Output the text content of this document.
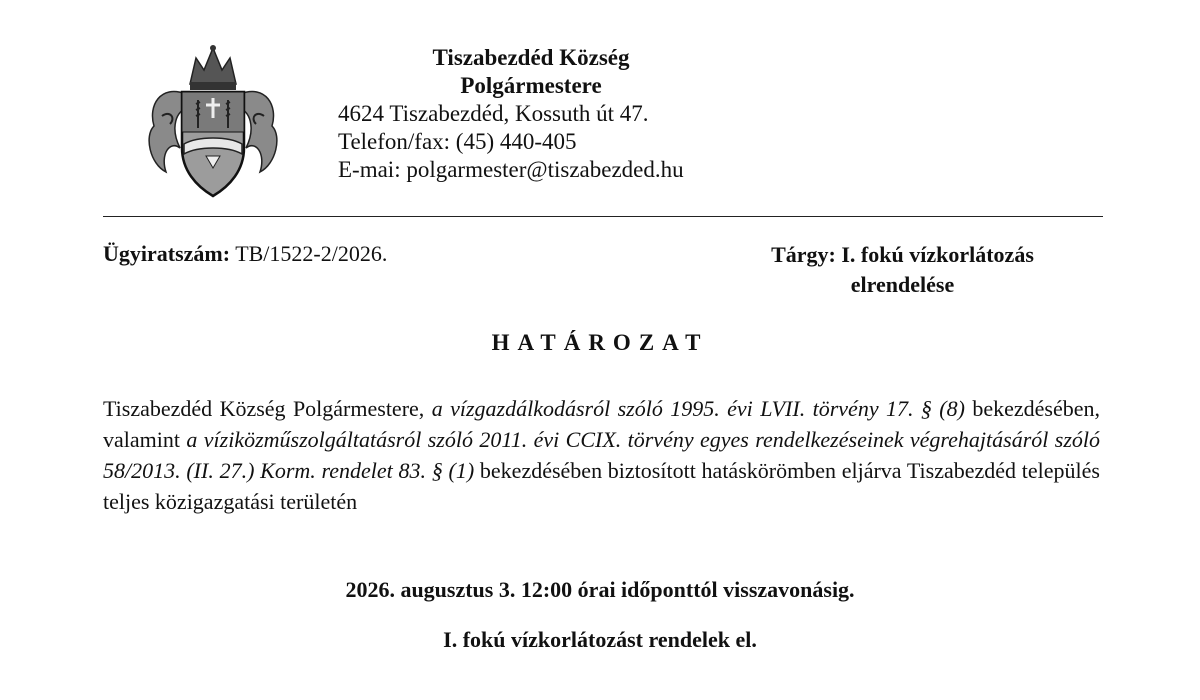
Tiszabezdéd Község
Polgármestere
4624 Tiszabezdéd, Kossuth út 47.
Telefon/fax: (45) 440-405
E-mai: polgarmester@tiszabezded.hu
Ügyiratszám: TB/1522-2/2026.	Tárgy: I. fokú vízkorlátozás
elrendelése
HATÁROZAT
Tiszabezdéd Község Polgármestere, a vízgazdálkodásról szóló 1995. évi LVII. törvény 17. § (8) bekezdésében, valamint a víziközműszolgáltatásról szóló 2011. évi CCIX. törvény egyes rendelkezéseinek végrehajtásáról szóló 58/2013. (II. 27.) Korm. rendelet 83. § (1) bekezdésében biztosított hatáskörömben eljárva Tiszabezdéd település teljes közigazgatási területén
2026. augusztus 3. 12:00 órai időponttól visszavonásig.
I. fokú vízkorlátozást rendelek el.
